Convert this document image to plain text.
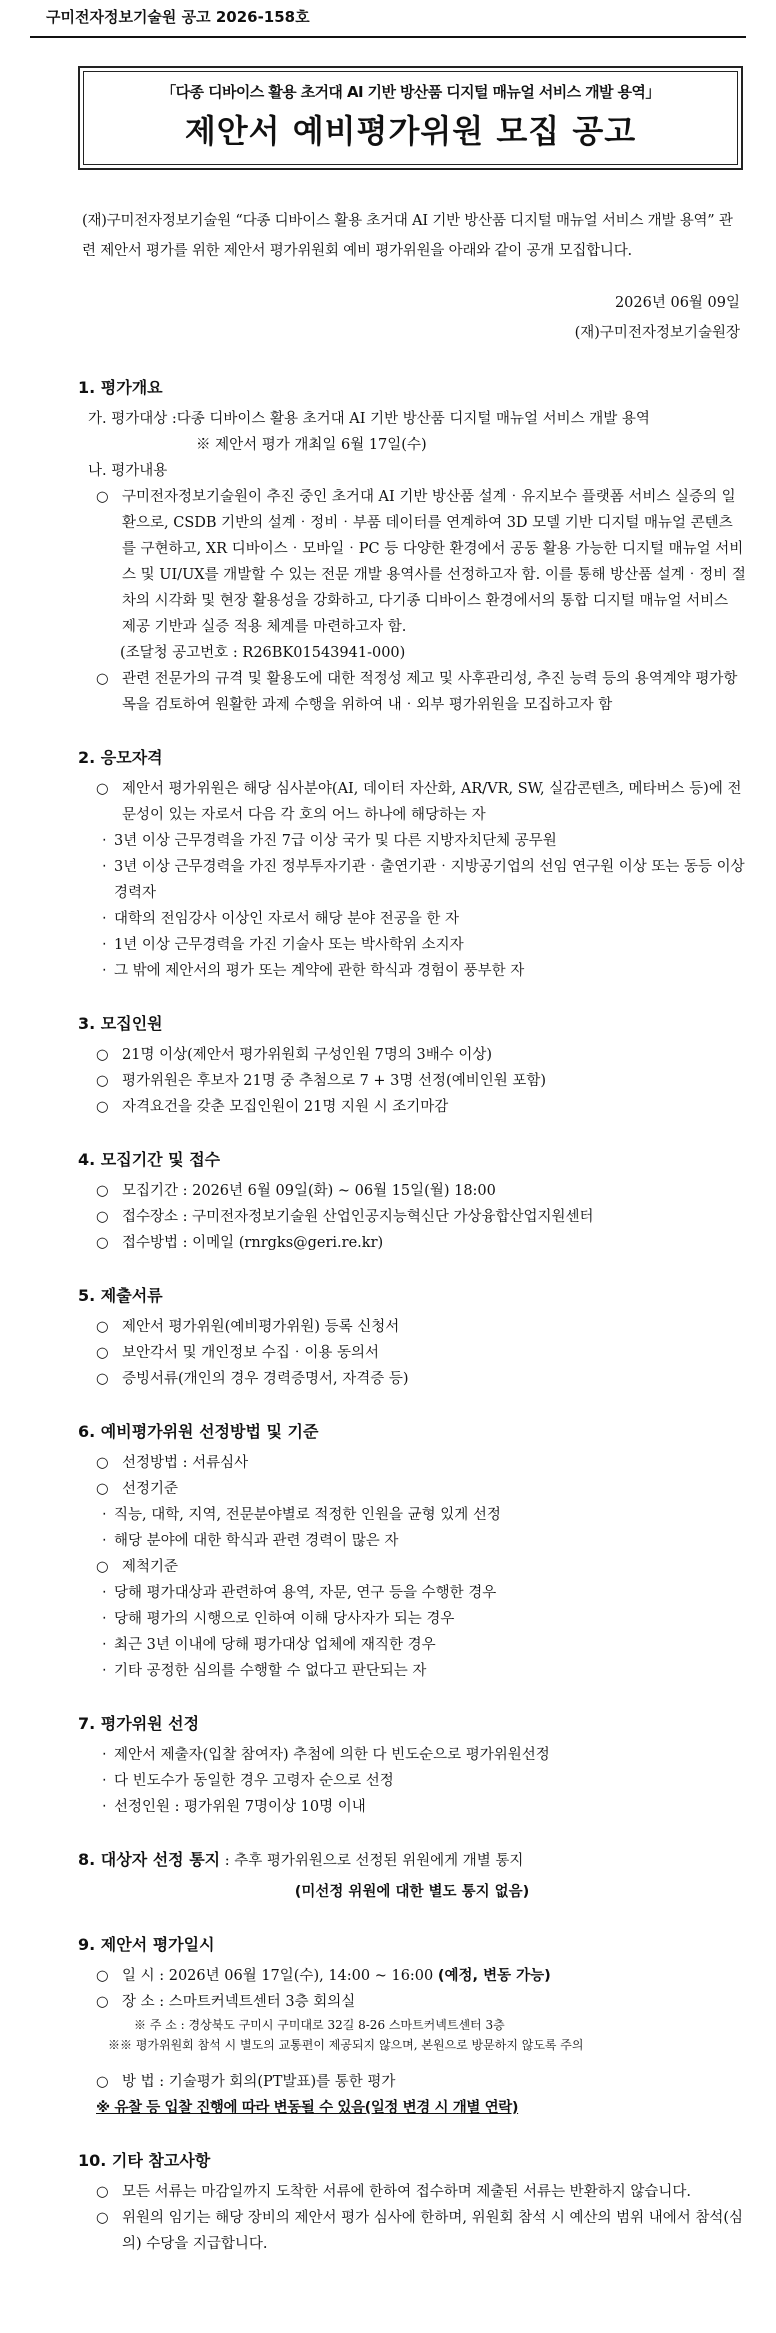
구미전자정보기술원 공고 2026-158호
｢다종 디바이스 활용 초거대 AI 기반 방산품 디지털 매뉴얼 서비스 개발 용역｣
제안서 예비평가위원 모집 공고

(재)구미전자정보기술원 “다종 디바이스 활용 초거대 AI 기반 방산품 디지털 매뉴얼 서비스 개발 용역” 관련 제안서 평가를 위한 제안서 평가위원회 예비 평가위원을 아래와 같이 공개 모집합니다.

2026년 06월 09일
(재)구미전자정보기술원장
1. 평가개요
가. 평가대상 : 다종 디바이스 활용 초거대 AI 기반 방산품 디지털 매뉴얼 서비스 개발 용역
※ 제안서 평가 개최일 6월 17일(수)
나. 평가내용
○ 구미전자정보기술원이 추진 중인 초거대 AI 기반 방산품 설계‧유지보수 플랫폼 서비스 실증의 일환으로, CSDB 기반의 설계‧정비‧부품 데이터를 연계하여 3D 모델 기반 디지털 매뉴얼 콘텐츠를 구현하고, XR 디바이스‧모바일‧PC 등 다양한 환경에서 공동 활용 가능한 디지털 매뉴얼 서비스 및 UI/UX를 개발할 수 있는 전문 개발 용역사를 선정하고자 함. 이를 통해 방산품 설계‧정비 절차의 시각화 및 현장 활용성을 강화하고, 다기종 디바이스 환경에서의 통합 디지털 매뉴얼 서비스 제공 기반과 실증 적용 체계를 마련하고자 함.
(조달청 공고번호 : R26BK01543941-000)
○ 관련 전문가의 규격 및 활용도에 대한 적정성 제고 및 사후관리성, 추진 능력 등의 용역계약 평가항목을 검토하여 원활한 과제 수행을 위하여 내‧외부 평가위원을 모집하고자 함
2. 응모자격
○ 제안서 평가위원은 해당 심사분야(AI, 데이터 자산화, AR/VR, SW, 실감콘텐츠, 메타버스 등)에 전문성이 있는 자로서 다음 각 호의 어느 하나에 해당하는 자
‧ 3년 이상 근무경력을 가진 7급 이상 국가 및 다른 지방자치단체 공무원
‧ 3년 이상 근무경력을 가진 정부투자기관‧출연기관‧지방공기업의 선임 연구원 이상 또는 동등 이상 경력자
‧ 대학의 전임강사 이상인 자로서 해당 분야 전공을 한 자
‧ 1년 이상 근무경력을 가진 기술사 또는 박사학위 소지자
‧ 그 밖에 제안서의 평가 또는 계약에 관한 학식과 경험이 풍부한 자
3. 모집인원
○ 21명 이상(제안서 평가위원회 구성인원 7명의 3배수 이상)
○ 평가위원은 후보자 21명 중 추첨으로 7 + 3명 선정(예비인원 포함)
○ 자격요건을 갖춘 모집인원이 21명 지원 시 조기마감
4. 모집기간 및 접수
○ 모집기간 : 2026년 6월 09일(화) ~ 06월 15일(월) 18:00
○ 접수장소 : 구미전자정보기술원 산업인공지능혁신단 가상융합산업지원센터
○ 접수방법 : 이메일 (rnrgks@geri.re.kr)
5. 제출서류
○ 제안서 평가위원(예비평가위원) 등록 신청서
○ 보안각서 및 개인정보 수집‧이용 동의서
○ 증빙서류(개인의 경우 경력증명서, 자격증 등)
6. 예비평가위원 선정방법 및 기준
○ 선정방법 : 서류심사
○ 선정기준
‧ 직능, 대학, 지역, 전문분야별로 적정한 인원을 균형 있게 선정
‧ 해당 분야에 대한 학식과 관련 경력이 많은 자
○ 제척기준
‧ 당해 평가대상과 관련하여 용역, 자문, 연구 등을 수행한 경우
‧ 당해 평가의 시행으로 인하여 이해 당사자가 되는 경우
‧ 최근 3년 이내에 당해 평가대상 업체에 재직한 경우
‧ 기타 공정한 심의를 수행할 수 없다고 판단되는 자
7. 평가위원 선정
‧ 제안서 제출자(입찰 참여자) 추첨에 의한 다 빈도순으로 평가위원선정
‧ 다 빈도수가 동일한 경우 고령자 순으로 선정
‧ 선정인원 : 평가위원 7명이상 10명 이내
8. 대상자 선정 통지 : 추후 평가위원으로 선정된 위원에게 개별 통지
(미선정 위원에 대한 별도 통지 없음)
9. 제안서 평가일시
○ 일 시 : 2026년 06월 17일(수), 14:00 ~ 16:00 (예정, 변동 가능)
○ 장 소 : 스마트커넥트센터 3층 회의실
※ 주 소 : 경상북도 구미시 구미대로 32길 8-26 스마트커넥트센터 3층
※※ 평가위원회 참석 시 별도의 교통편이 제공되지 않으며, 본원으로 방문하지 않도록 주의
○ 방 법 : 기술평가 회의(PT발표)를 통한 평가
※ 유찰 등 입찰 진행에 따라 변동될 수 있음(일정 변경 시 개별 연락)
10. 기타 참고사항
○ 모든 서류는 마감일까지 도착한 서류에 한하여 접수하며 제출된 서류는 반환하지 않습니다.
○ 위원의 임기는 해당 장비의 제안서 평가 심사에 한하며, 위원회 참석 시 예산의 범위 내에서 참석(심의) 수당을 지급합니다.
